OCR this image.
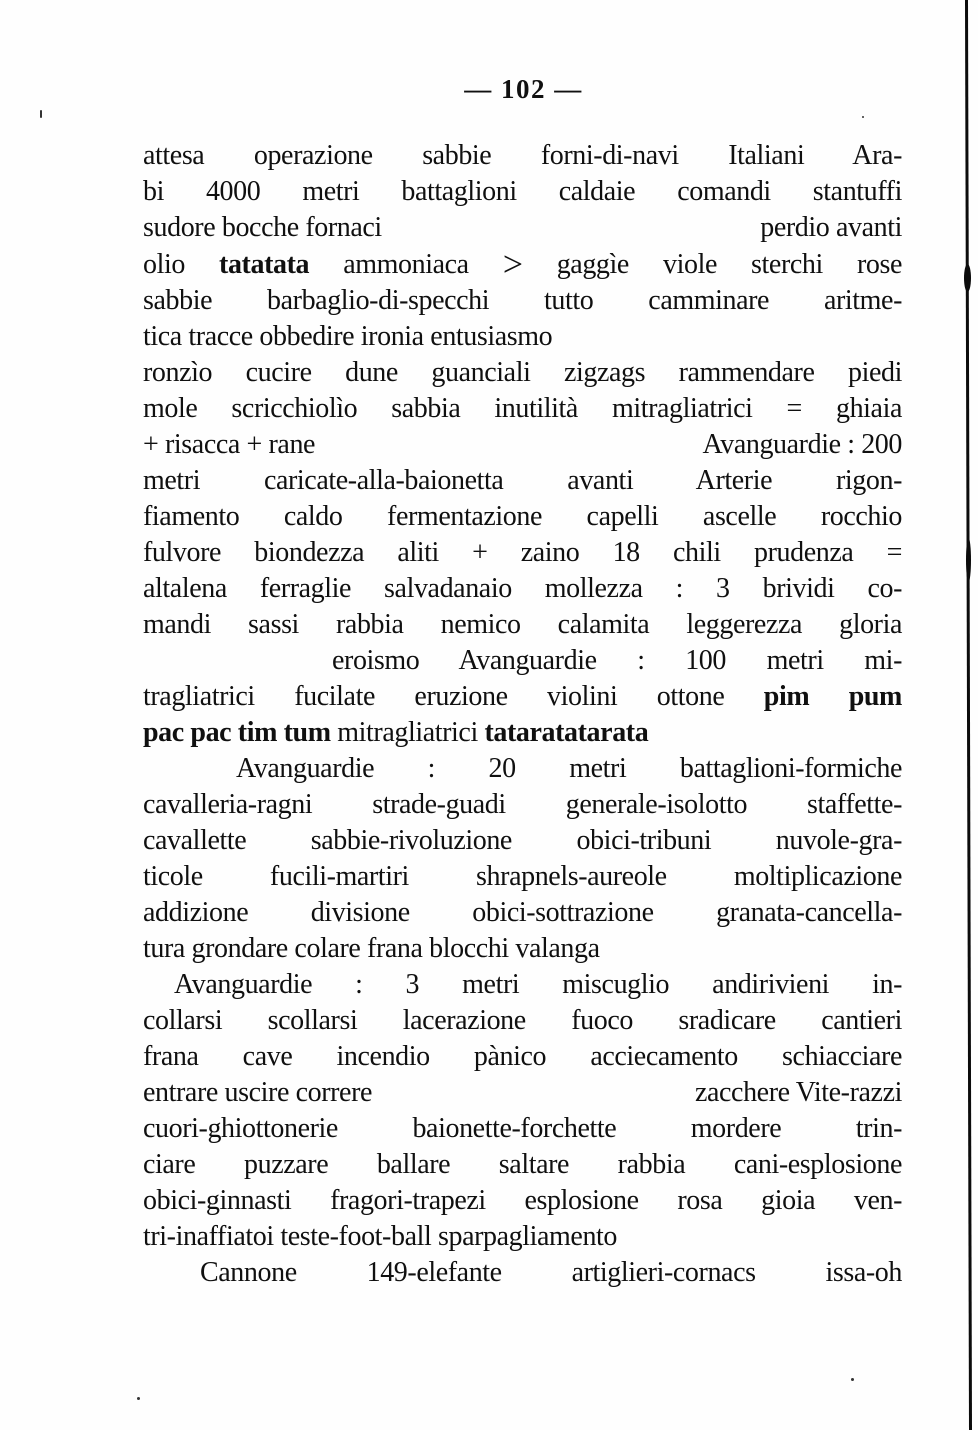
— 102 —
attesa operazione sabbie forni-di-navi Italiani Ara-
bi 4000 metri battaglioni caldaie comandi stantuffi
sudore bocche fornaci	perdio avanti
olio tatatata ammoniaca > gaggìe viole sterchi rose
sabbie barbaglio-di-specchi tutto camminare aritme-
tica tracce obbedire ironia entusiasmo
ronzìo cucire dune guanciali zigzags rammendare piedi
mole scricchiolìo sabbia inutilità mitragliatrici = ghiaia
+ risacca + rane	Avanguardie : 200
metri caricate-alla-baionetta avanti Arterie rigon-
fiamento caldo fermentazione capelli ascelle rocchio
fulvore biondezza aliti + zaino 18 chili prudenza =
altalena ferraglie salvadanaio mollezza : 3 brividi co-
mandi sassi rabbia nemico calamita leggerezza gloria
eroismo Avanguardie : 100 metri mi-
tragliatrici fucilate eruzione violini ottone pim pum
pac pac tim tum mitragliatrici tataratatarata
Avanguardie : 20 metri battaglioni-formiche
cavalleria-ragni strade-guadi generale-isolotto staffette-
cavallette sabbie-rivoluzione obici-tribuni nuvole-gra-
ticole fucili-martiri shrapnels-aureole moltiplicazione
addizione divisione obici-sottrazione granata-cancella-
tura grondare colare frana blocchi valanga
Avanguardie : 3 metri miscuglio andirivieni in-
collarsi scollarsi lacerazione fuoco sradicare cantieri
frana cave incendio pànico acciecamento schiacciare
entrare uscire correre	zacchere Vite-razzi
cuori-ghiottonerie baionette-forchette mordere trin-
ciare puzzare ballare saltare rabbia cani-esplosione
obici-ginnasti fragori-trapezi esplosione rosa gioia ven-
tri-inaffiatoi teste-foot-ball sparpagliamento
Cannone 149-elefante artiglieri-cornacs issa-oh
